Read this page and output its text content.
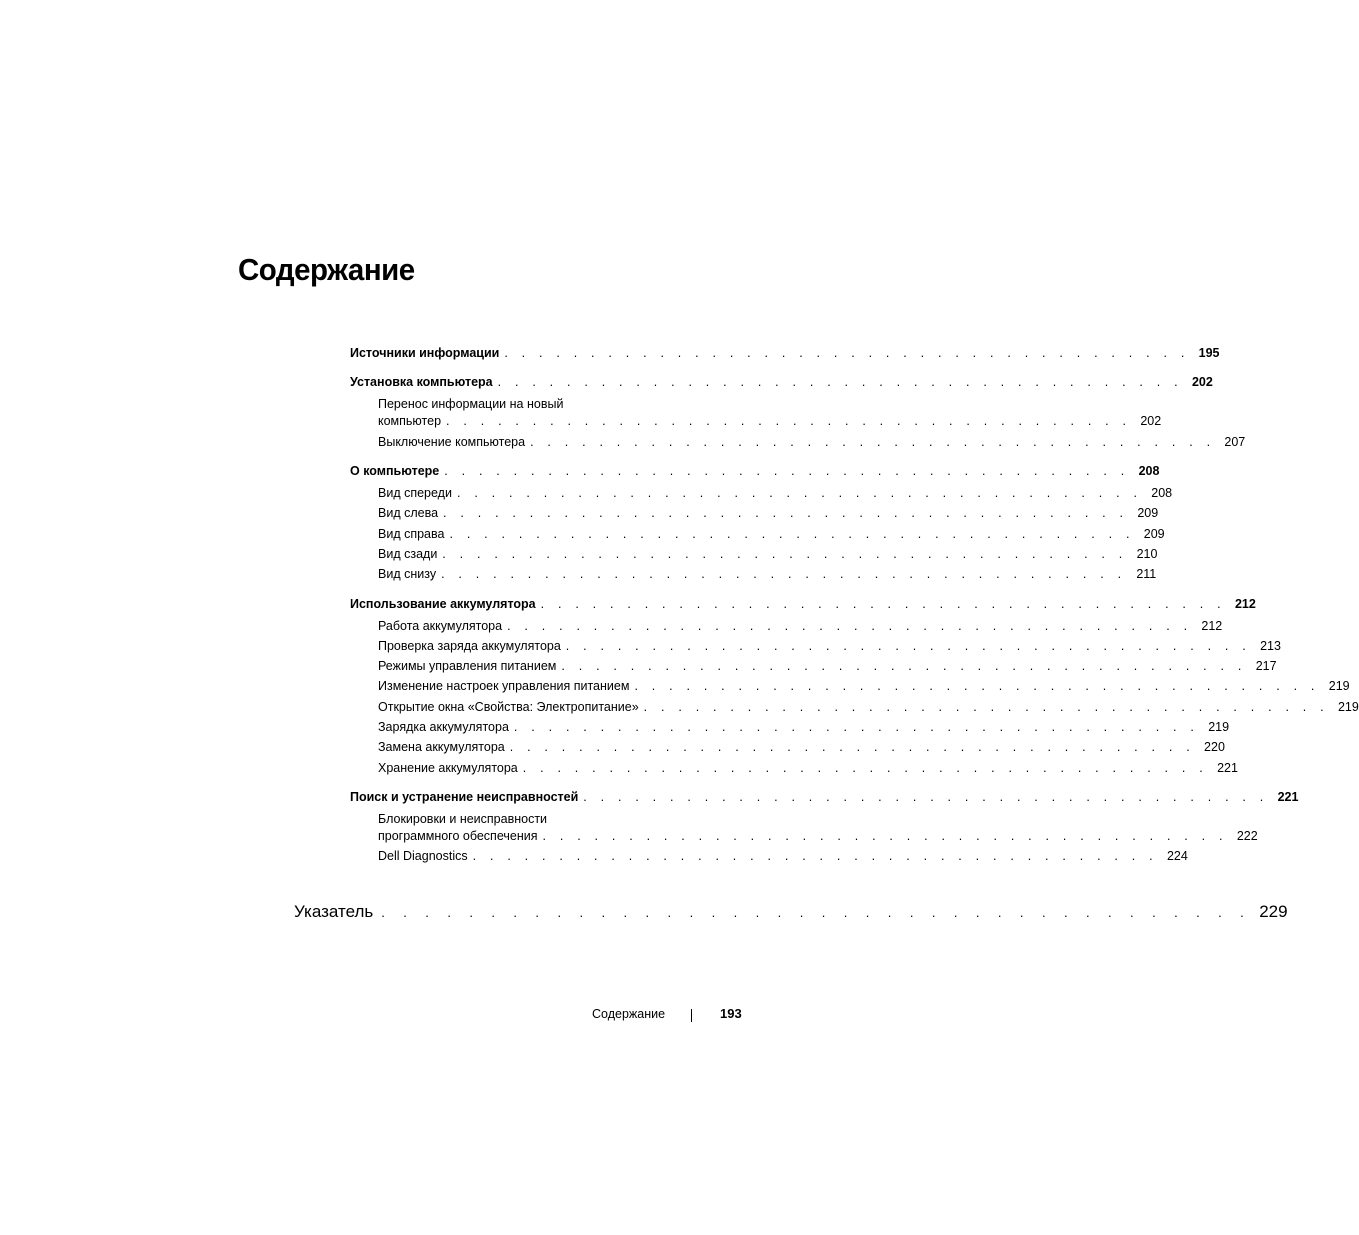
Содержание
Источники информации . . . . . . . . . . . . . . . . . . . . . . . . . . . . . . . . . . . . . . . . 195
Установка компьютера . . . . . . . . . . . . . . . . . . . . . . . . . . . . . . . . . . . . . . . . 202
Перенос информации на новый
компьютер . . . . . . . . . . . . . . . . . . . . . . . . . . . . . . . . . . . . . . . . 202
Выключение компьютера . . . . . . . . . . . . . . . . . . . . . . . . . . . . . . . . . . . . . . . . 207
О компьютере . . . . . . . . . . . . . . . . . . . . . . . . . . . . . . . . . . . . . . . . 208
Вид спереди . . . . . . . . . . . . . . . . . . . . . . . . . . . . . . . . . . . . . . . . 208
Вид слева . . . . . . . . . . . . . . . . . . . . . . . . . . . . . . . . . . . . . . . . 209
Вид справа . . . . . . . . . . . . . . . . . . . . . . . . . . . . . . . . . . . . . . . . 209
Вид сзади . . . . . . . . . . . . . . . . . . . . . . . . . . . . . . . . . . . . . . . . 210
Вид снизу . . . . . . . . . . . . . . . . . . . . . . . . . . . . . . . . . . . . . . . . 211
Использование аккумулятора . . . . . . . . . . . . . . . . . . . . . . . . . . . . . . . . . . . . . . . . 212
Работа аккумулятора . . . . . . . . . . . . . . . . . . . . . . . . . . . . . . . . . . . . . . . . 212
Проверка заряда аккумулятора . . . . . . . . . . . . . . . . . . . . . . . . . . . . . . . . . . . . . . . . 213
Режимы управления питанием . . . . . . . . . . . . . . . . . . . . . . . . . . . . . . . . . . . . . . . . 217
Изменение настроек управления питанием . . . . . . . . . . . . . . . . . . . . . . . . . . . . . . . . . . . . . . . . 219
Открытие окна «Свойства: Электропитание» . . . . . . . . . . . . . . . . . . . . . . . . . . . . . . . . . . . . . . . . 219
Зарядка аккумулятора . . . . . . . . . . . . . . . . . . . . . . . . . . . . . . . . . . . . . . . . 219
Замена аккумулятора . . . . . . . . . . . . . . . . . . . . . . . . . . . . . . . . . . . . . . . . 220
Хранение аккумулятора . . . . . . . . . . . . . . . . . . . . . . . . . . . . . . . . . . . . . . . . 221
Поиск и устранение неисправностей . . . . . . . . . . . . . . . . . . . . . . . . . . . . . . . . . . . . . . . . 221
Блокировки и неисправности
программного обеспечения . . . . . . . . . . . . . . . . . . . . . . . . . . . . . . . . . . . . . . . . 222
Dell Diagnostics . . . . . . . . . . . . . . . . . . . . . . . . . . . . . . . . . . . . . . . . 224
Указатель . . . . . . . . . . . . . . . . . . . . . . . . . . . . . . . . . . . . . . . . 229
Содержание	193
